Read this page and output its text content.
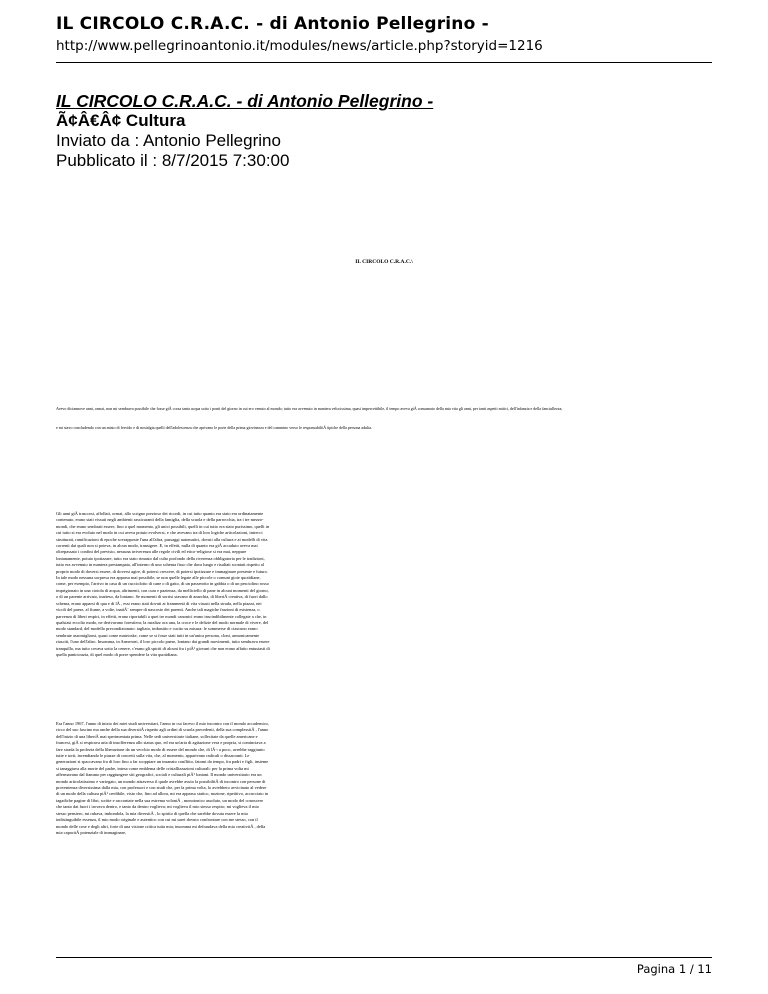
IL CIRCOLO C.R.A.C. - di Antonio Pellegrino -
http://www.pellegrinoantonio.it/modules/news/article.php?storyid=1216
IL CIRCOLO C.R.A.C. - di Antonio Pellegrino -
Ã¢Â€Â¢ Cultura
Inviato da : Antonio Pellegrino
Pubblicato il : 8/7/2015 7:30:00
IL CIRCOLO C.R.A.C.\
Avevo diciannove anni, ormai, non mi sembrava possibile che fosse giÃ corsa tanta acqua sotto i ponti del giorno in cui ero venuto al mondo; tutto era avvenuto in maniera velocissima, quasi impercettibile, il tempo aveva giÃ consumato della mia vita gli anni, per tanti aspetti mitici, dell'infanzia e della fanciullezza,
e mi stavo concludendo con un misto di fervido e di nostalgia quelli dell'adolescenza che aprivano le porte della prima giovinezza e del cammino verso le responsabilitÃ tipiche della persona adulta.
Gli anni giÃ trascorsi, affollati, ormai, allo scrigno prezioso dei ricordi, in cui tutto quanto era stato era ordinatamente contenuto, erano stati vissuti negli ambienti rassicuranti della famiglia, della scuola e della parrocchia, tra i tre mezzo-mondi, che erano sembrati essere, fino a quel momento, gli unici possibili, quelli in cui tutto era stato purissimo, quelli in cui tutto si era evoluto nel modo in cui aveva potuto evolversi, e che avevano tra di loro logiche articolazioni, intrecci strutturati, ramificazioni di epoche sovrapposte l'una all'altra, passaggi automatici, dovuti alla cultura e ai modelli di vita correnti dai quali non si poteva, in alcun modo, transigere. E, in effetti, nulla di quanto era giÃ accaduto aveva mai oltrepassato i confini del previsto, nessuna irriverenza alle regole civili ed etico-religiose si era mai, neppure lontanamente, potuto ipotizzare, tutto era stato rimasto dal culto profondo della riverenza obbligatoria per le tradizioni, tutto era avvenuto in maniera prestampata, all'interno di uno schema fisso che dava lungo e risultati scontati rispetto al proprio modo di doversi essere, di doversi agire, di potersi crescere, di potersi ipotizzare e immaginare presente e futuro. In tale modo nessuna sorpresa era apparsa mai possibile, se non quelle legate alle piccole o comuni gioie quotidiane, come, per esempio, l'arrivo in casa di un cucciolotto di cane o di gatto, di un passerotto in gabbia o di un pesciolino rosso imprigionato in una ciotola di acqua, altrimenti, con cura e pazienza, da melliciello di pane in alcuni momenti del giorno, o di un parente arrivato, inatteso, da lontano. Se momenti di sorrisi stavano di anarchia, di libertÃ creativa, di fuori dallo schema, erano apparsi di qua e di lÃ , essi erano stati dovuti ai frammenti di vita vissuti nella strada, nella piazza, nei vicoli del paese, al fiume, a volte, inattÃ¨ sempre di nascosto dei parenti. Anche tali magiche frazioni di esistenza, o parvenza di liberi respiri, in effetti, erano riportabili a quei tre mondi canonici erano inscindibilmente collegate a che, in qualsiasi eccolto modo, ne derivavano forestiera; la ruralizz ora una, la croce e le delizie del modo normale di vivere, del modo standard, del modello precondizionato: tagliato, imbastito e cucito su misura: le sommerse di ciascuno erano sembrate assomigliarsi, quasi come matrioske, come se si fosse stati tutti in un'unica persona, cloni, armonicamente riusciti, l'uno dell'altro. Insomma, in Armeroni, il loro piccolo paese, lontano dai grandi movimenti, tutto sembrava essere tranquillo, ma tutto covava sotto la cenere, c'erano gli spiriti di alcuni fra i piÃ¹ giovani che non erano affatto entusiasti di quella pantocrazia, di quel modo di porre spendere la vita quotidiana.
Era l'anno 1967, l'anno di inizio dei miei studi universitari, l'anno in cui facevo il mio incontro con il mondo accademico, ricco del suo fascino ma anche della sua diversitÃ rispetto agli ordini di scuola precedenti, della sua complessitÃ , l'anno dell'inizio di una libertÃ mai sperimentata prima. Nelle sedi universitarie italiane, sollecitate da quelle americane e francesi, giÃ si respirava aria di insofferenza allo status quo, ed era un'aria di agitazione vera e propria, si cominciava a fare strada la profezia della liberazione da un vecchio modo di essere del mondo che, di lÃ¬ a poco, avrebbe raggiunto tutte e torti, incendiando le piazze di concetti sulla vita, che, al momento, apparivano radicali o dissacranti. Le generazioni si spaccavano fra di loro fino a far scoppiare un insanato conflitto, fatomi da tempo, fra padri e figli, insieme si tanaggiava alla morte del padre, intesa come emblema delle cristallizzazioni culturali: per la prima volta mi affermavano dal fiammo per raggiungere siti geografici, sociali e culturali piÃ¹ lontani. Il mondo universitario era un mondo articolatissimo e variegato, un mondo attraverso il quale avrebbe avuto la possibilitÃ di incontro con persone di provenienza diversissima dalla mia, con professori e con studi che, per la prima volta, lo avrebbero avvicinato al vedere di un modo della cultura piÃ¹ credibile, visto che, fino ad allora, mi era apparso statico, nozione, ripetitivo, accucciato in tagadiche pagine di libri, scritte e raccontate nella sua estrema volontÃ , monotonico assoluto, un modo del conoscere che tanto dai fuori i trovava dentro, e tanto da dentro voglieva; mi voglieva il mio stesso respiro; mi voglieva il mio stesso pensiero, mi rubava, imbondola, la mia diversitÃ , lo spirito di quella che sarebbe dovuta essere la mia indistinguibile essenza, il mio modo originale e autentico con cui mi sarei dovuto confrontare con me stesso, con il mondo delle cose e degli altri, forte di una visione critica tutta mia; insomma mi defraudava della mia creativitÃ , della mia capacitÃ potenziale di immaginare,
Pagina 1 / 11
